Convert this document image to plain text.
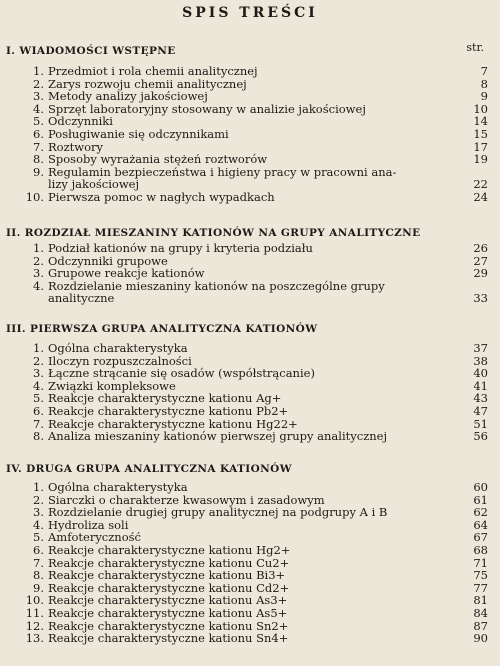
SPIS TREŚCI
str.
I. WIADOMOŚCI WSTĘPNE
1. Przedmiot i rola chemii analitycznej	7
2. Zarys rozwoju chemii analitycznej	8
3. Metody analizy jakościowej	9
4. Sprzęt laboratoryjny stosowany w analizie jakościowej	10
5. Odczynniki	14
6. Posługiwanie się odczynnikami	15
7. Roztwory	17
8. Sposoby wyrażania stężeń roztworów	19
9. Regulamin bezpieczeństwa i higieny pracy w pracowni ana-
lizy jakościowej	22
10. Pierwsza pomoc w nagłych wypadkach	24
II. ROZDZIAŁ MIESZANINY KATIONÓW NA GRUPY ANALITYCZNE
1. Podział kationów na grupy i kryteria podziału	26
2. Odczynniki grupowe	27
3. Grupowe reakcje kationów	29
4. Rozdzielanie mieszaniny kationów na poszczególne grupy
analityczne	33
III. PIERWSZA GRUPA ANALITYCZNA KATIONÓW
1. Ogólna charakterystyka	37
2. Iloczyn rozpuszczalności	38
3. Łączne strącanie się osadów (współstrącanie)	40
4. Związki kompleksowe	41
5. Reakcje charakterystyczne kationu Ag+	43
6. Reakcje charakterystyczne kationu Pb2+	47
7. Reakcje charakterystyczne kationu Hg22+	51
8. Analiza mieszaniny kationów pierwszej grupy analitycznej	56
IV. DRUGA GRUPA ANALITYCZNA KATIONÓW
1. Ogólna charakterystyka	60
2. Siarczki o charakterze kwasowym i zasadowym	61
3. Rozdzielanie drugiej grupy analitycznej na podgrupy A i B	62
4. Hydroliza soli	64
5. Amfoteryczność	67
6. Reakcje charakterystyczne kationu Hg2+	68
7. Reakcje charakterystyczne kationu Cu2+	71
8. Reakcje charakterystyczne kationu Bi3+	75
9. Reakcje charakterystyczne kationu Cd2+	77
10. Reakcje charakterystyczne kationu As3+	81
11. Reakcje charakterystyczne kationu As5+	84
12. Reakcje charakterystyczne kationu Sn2+	87
13. Reakcje charakterystyczne kationu Sn4+	90
